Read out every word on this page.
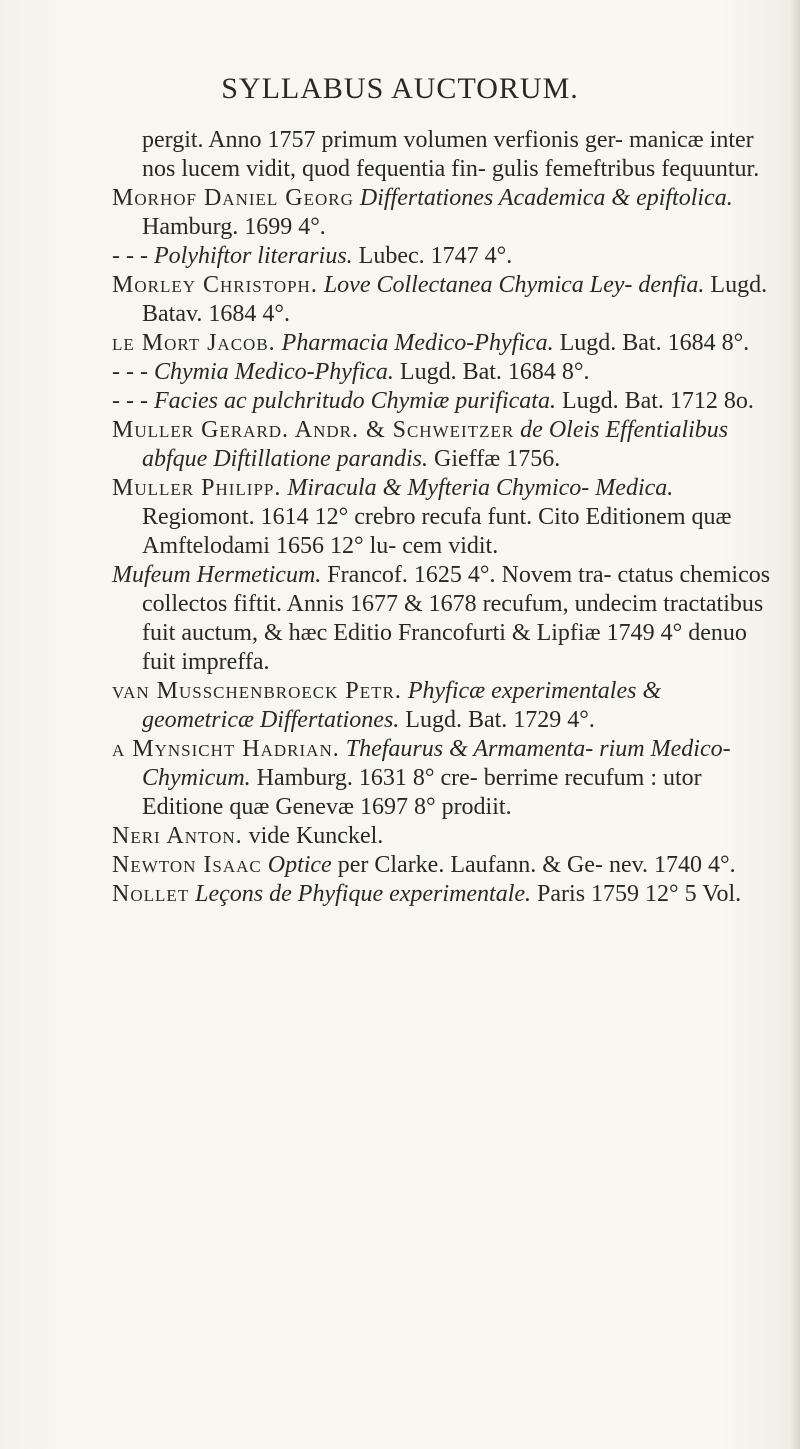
SYLLABUS AUCTORUM.

pergit. Anno 1757 primum volumen verfionis ger- manicæ inter nos lucem vidit, quod fequentia fin- gulis femeftribus fequuntur.

Morhof Daniel Georg Differtationes Academica & epiftolica. Hamburg. 1699 4°.

- - - Polyhiftor literarius. Lubec. 1747 4°.

Morley Christoph. Love Collectanea Chymica Ley- denfia. Lugd. Batav. 1684 4°.

le Mort Jacob. Pharmacia Medico-Phyfica. Lugd. Bat. 1684 8°.

- - - Chymia Medico-Phyfica. Lugd. Bat. 1684 8°.

- - - Facies ac pulchritudo Chymiæ purificata. Lugd. Bat. 1712 8o.

Muller Gerard. Andr. & Schweitzer de Oleis Effentialibus abfque Diftillatione parandis. Gieffæ 1756.

Muller Philipp. Miracula & Myfteria Chymico- Medica. Regiomont. 1614 12° crebro recufa funt. Cito Editionem quæ Amftelodami 1656 12° lu- cem vidit.

Mufeum Hermeticum. Francof. 1625 4°. Novem tra- ctatus chemicos collectos fiftit. Annis 1677 & 1678 recufum, undecim tractatibus fuit auctum, & hæc Editio Francofurti & Lipfiæ 1749 4° denuo fuit impreffa.

van Musschenbroeck Petr. Phyficæ experimentales & geometricæ Differtationes. Lugd. Bat. 1729 4°.

a Mynsicht Hadrian. Thefaurus & Armamenta- rium Medico-Chymicum. Hamburg. 1631 8° cre- berrime recufum : utor Editione quæ Genevæ 1697 8° prodiit.

Neri Anton. vide Kunckel.

Newton Isaac Optice per Clarke. Laufann. & Ge- nev. 1740 4°.

Nollet Leçons de Phyfique experimentale. Paris 1759 12° 5 Vol.
